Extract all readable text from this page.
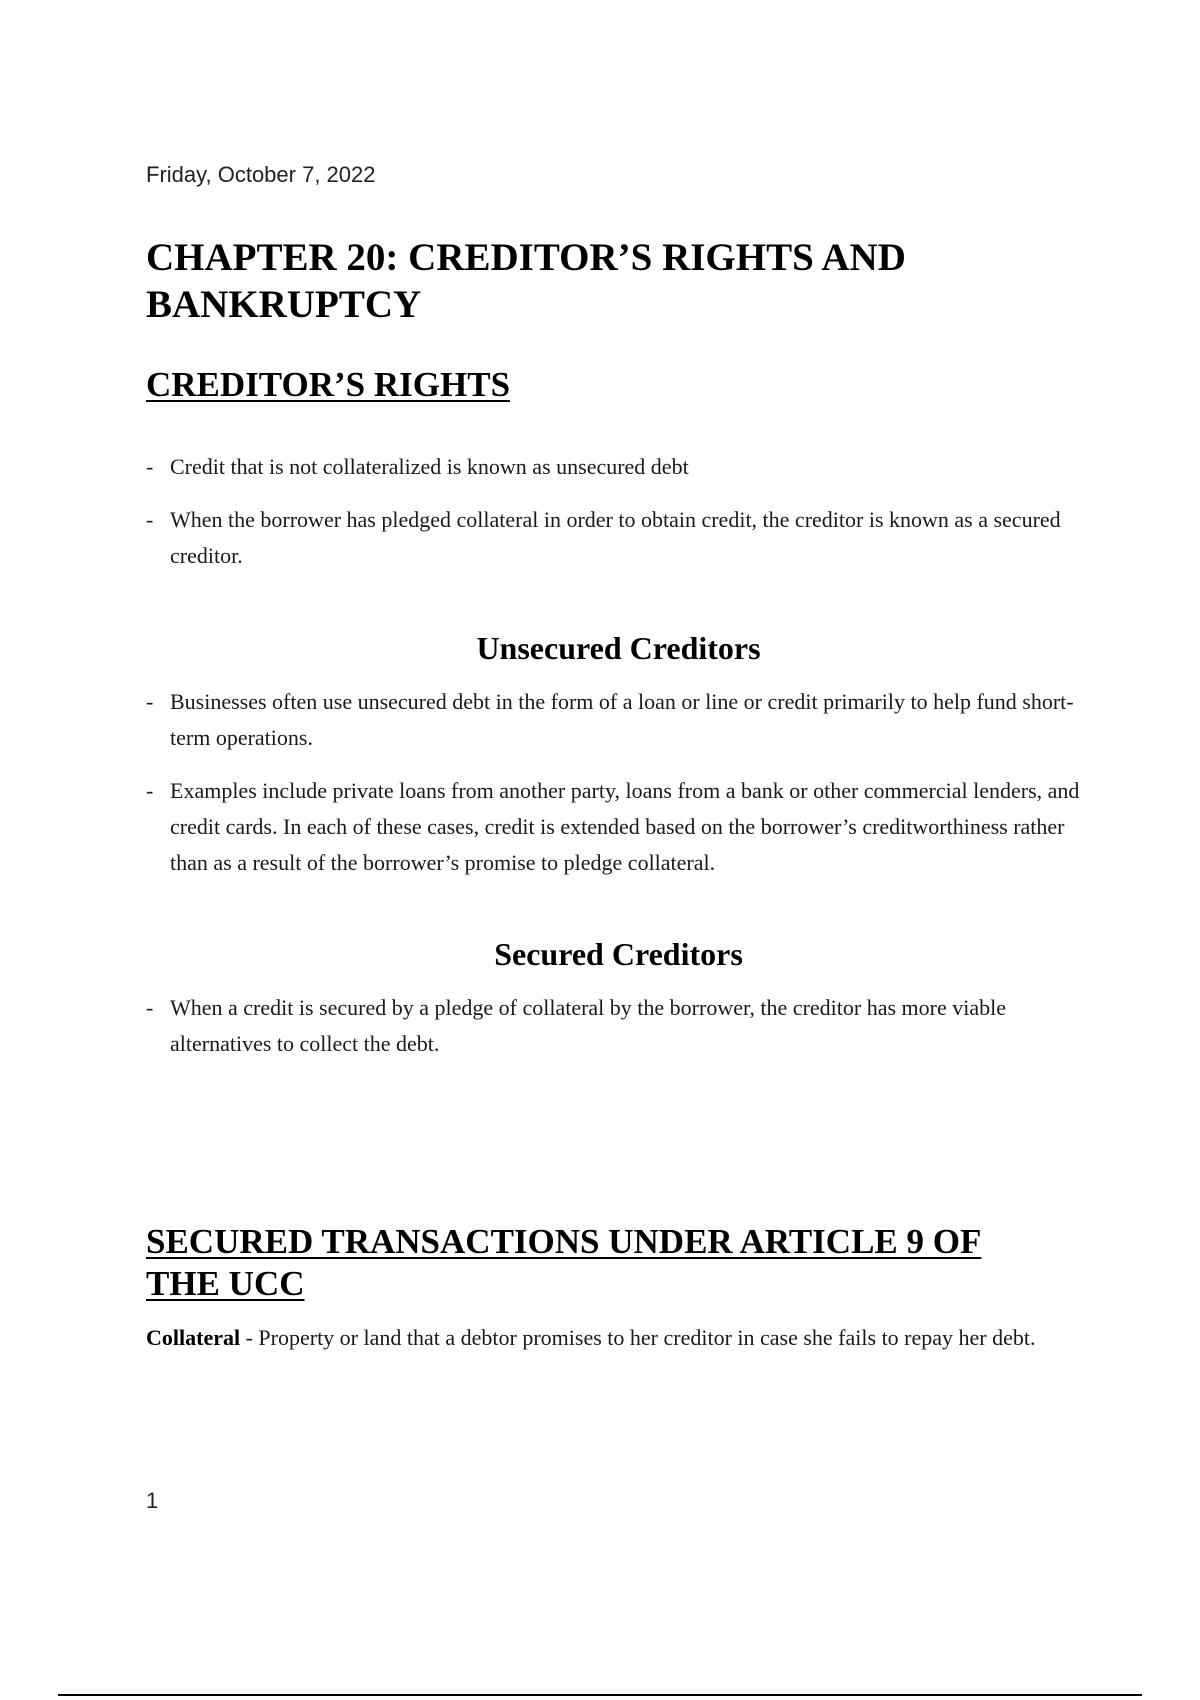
Friday, October 7, 2022

CHAPTER 20: CREDITOR’S RIGHTS AND BANKRUPTCY
CREDITOR’S RIGHTS

- Credit that is not collateralized is known as unsecured debt

- When the borrower has pledged collateral in order to obtain credit, the creditor is known as a secured creditor.

Unsecured Creditors

- Businesses often use unsecured debt in the form of a loan or line or credit primarily to help fund short-term operations.

- Examples include private loans from another party, loans from a bank or other commercial lenders, and credit cards. In each of these cases, credit is extended based on the borrower’s creditworthiness rather than as a result of the borrower’s promise to pledge collateral.

Secured Creditors

- When a credit is secured by a pledge of collateral by the borrower, the creditor has more viable alternatives to collect the debt.

SECURED TRANSACTIONS UNDER ARTICLE 9 OF THE UCC

Collateral - Property or land that a debtor promises to her creditor in case she fails to repay her debt.

1
